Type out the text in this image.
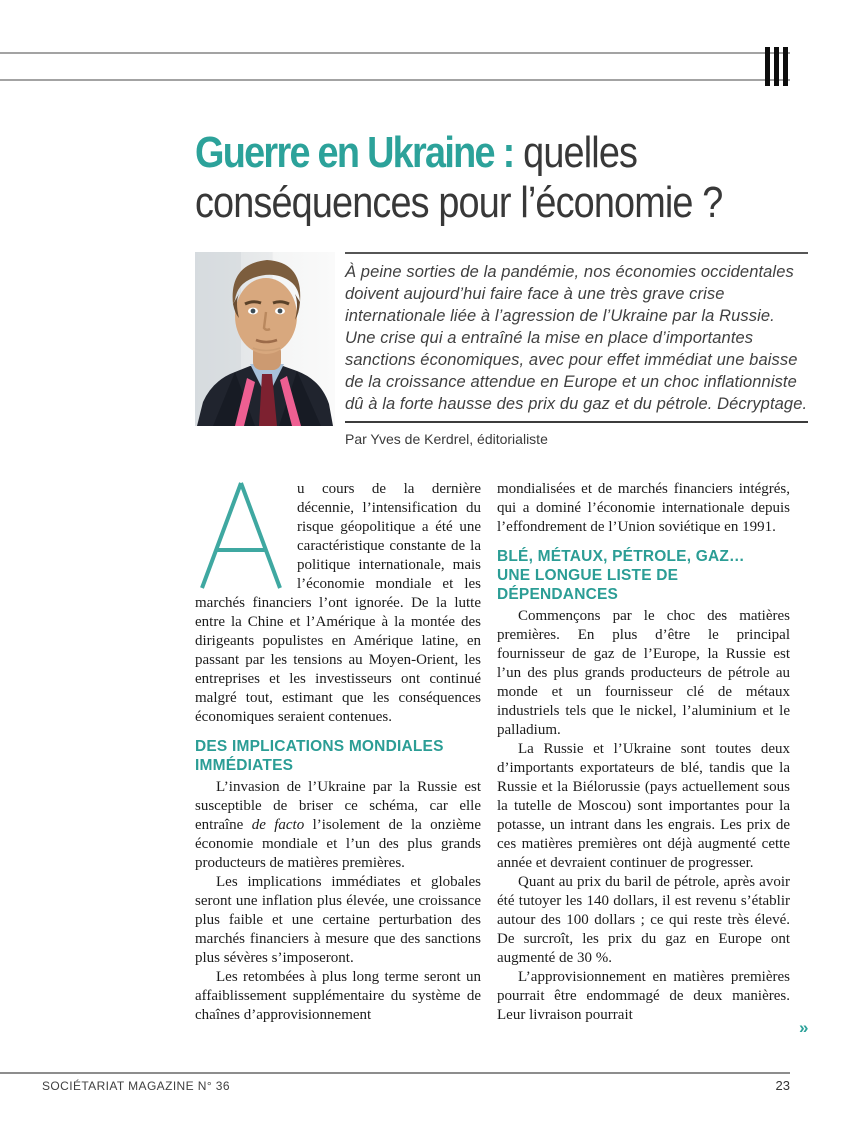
Guerre en Ukraine : quelles
conséquences pour l’économie ?
À peine sorties de la pandémie, nos économies occidentales doivent aujourd’hui faire face à une très grave crise internationale liée à l’agression de l’Ukraine par la Russie. Une crise qui a entraîné la mise en place d’importantes sanctions économiques, avec pour effet immédiat une baisse de la croissance attendue en Europe et un choc inflationniste dû à la forte hausse des prix du gaz et du pétrole. Décryptage.
Par Yves de Kerdrel, éditorialiste

u cours de la dernière décennie, l’intensification du risque géopolitique a été une caractéristique constante de la politique internationale, mais l’économie mondiale et les marchés financiers l’ont ignorée. De la lutte entre la Chine et l’Amérique à la montée des dirigeants populistes en Amérique latine, en passant par les tensions au Moyen-Orient, les entreprises et les investisseurs ont continué malgré tout, estimant que les conséquences économiques seraient contenues.

DES IMPLICATIONS MONDIALES
IMMÉDIATES

L’invasion de l’Ukraine par la Russie est susceptible de briser ce schéma, car elle entraîne de facto l’isolement de la onzième économie mondiale et l’un des plus grands producteurs de matières premières.

Les implications immédiates et globales seront une inflation plus élevée, une croissance plus faible et une certaine perturbation des marchés financiers à mesure que des sanctions plus sévères s’imposeront.

Les retombées à plus long terme seront un affaiblissement supplémentaire du système de chaînes d’approvisionnement

mondialisées et de marchés financiers intégrés, qui a dominé l’économie internationale depuis l’effondrement de l’Union soviétique en 1991.

BLÉ, MÉTAUX, PÉTROLE, GAZ…
UNE LONGUE LISTE DE DÉPENDANCES

Commençons par le choc des matières premières. En plus d’être le principal fournisseur de gaz de l’Europe, la Russie est l’un des plus grands producteurs de pétrole au monde et un fournisseur clé de métaux industriels tels que le nickel, l’aluminium et le palladium.

La Russie et l’Ukraine sont toutes deux d’importants exportateurs de blé, tandis que la Russie et la Biélorussie (pays actuellement sous la tutelle de Moscou) sont importantes pour la potasse, un intrant dans les engrais. Les prix de ces matières premières ont déjà augmenté cette année et devraient continuer de progresser.

Quant au prix du baril de pétrole, après avoir été tutoyer les 140 dollars, il est revenu s’établir autour des 100 dollars ; ce qui reste très élevé. De surcroît, les prix du gaz en Europe ont augmenté de 30 %.

L’approvisionnement en matières premières pourrait être endommagé de deux manières. Leur livraison pourrait

»
SOCIÉTARIAT MAGAZINE N° 36	23
